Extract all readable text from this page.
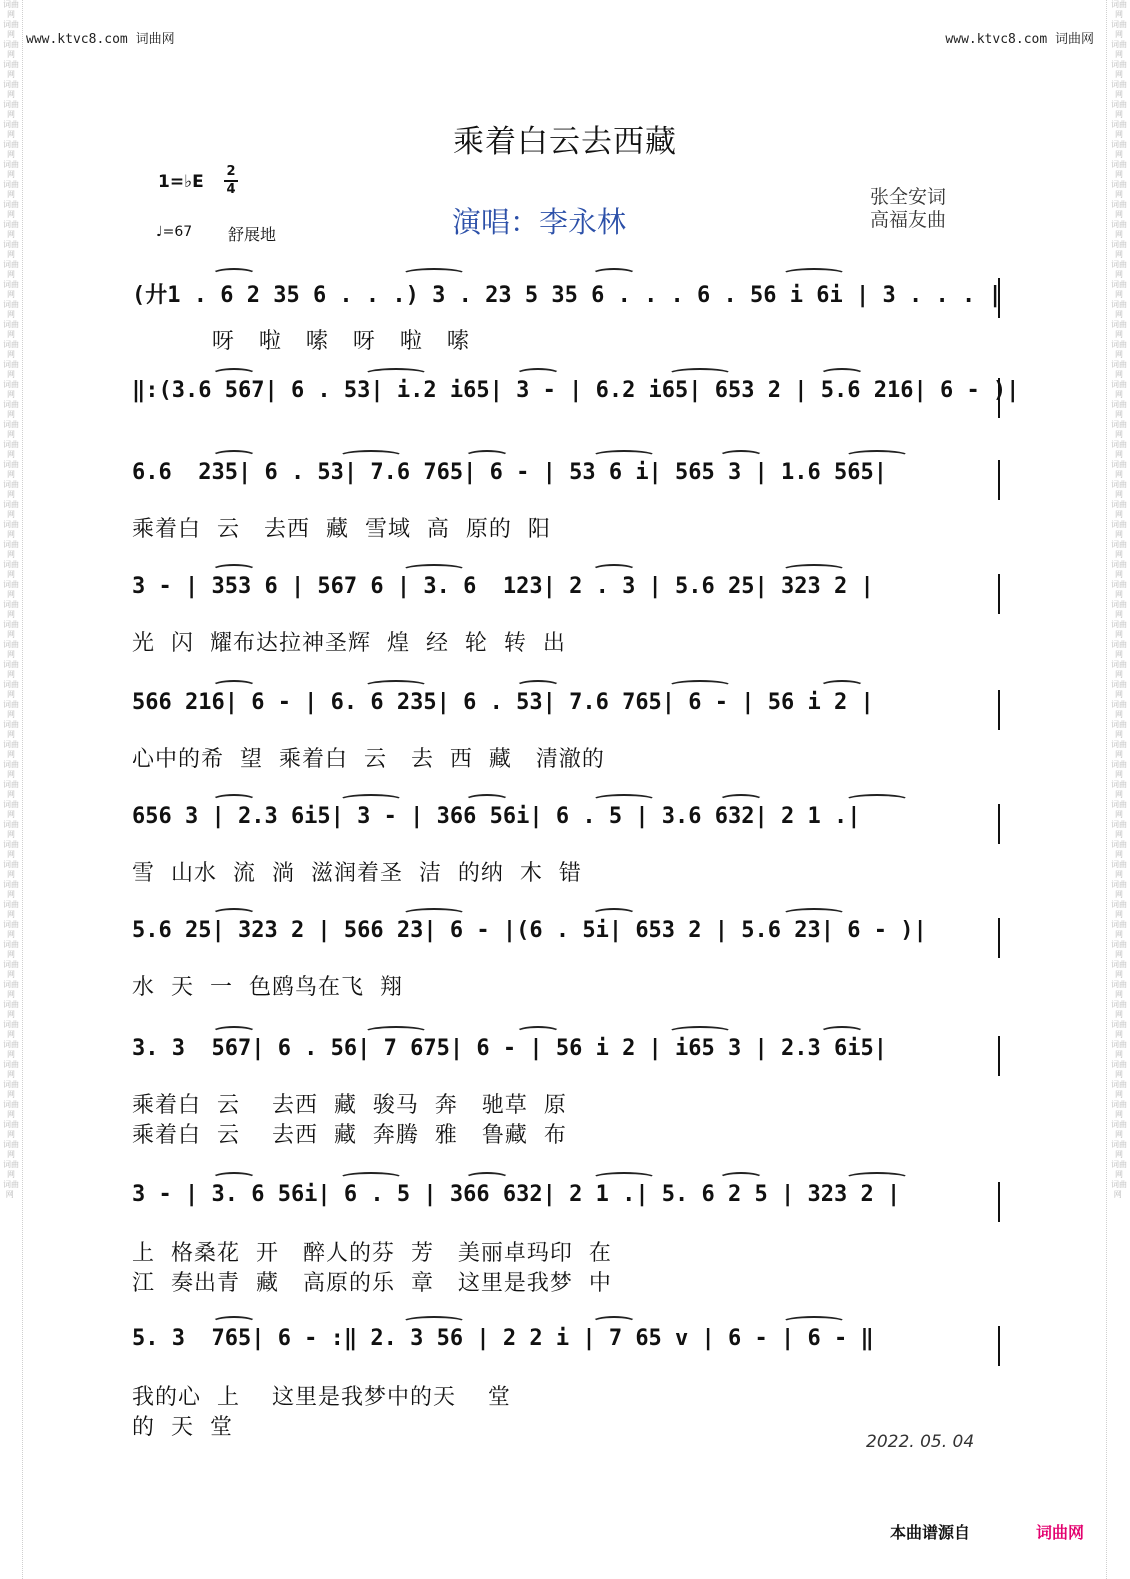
词曲网 词曲网 词曲网 词曲网 词曲网 词曲网 词曲网 词曲网 词曲网 词曲网 词曲网 词曲网 词曲网 词曲网 词曲网 词曲网 词曲网 词曲网 词曲网 词曲网 词曲网 词曲网 词曲网 词曲网 词曲网 词曲网 词曲网 词曲网 词曲网 词曲网 词曲网 词曲网 词曲网 词曲网 词曲网 词曲网 词曲网 词曲网 词曲网 词曲网 词曲网 词曲网 词曲网 词曲网 词曲网 词曲网 词曲网 词曲网 词曲网 词曲网 词曲网 词曲网 词曲网 词曲网 词曲网 词曲网 词曲网 词曲网 词曲网 词曲网
词曲网 词曲网 词曲网 词曲网 词曲网 词曲网 词曲网 词曲网 词曲网 词曲网 词曲网 词曲网 词曲网 词曲网 词曲网 词曲网 词曲网 词曲网 词曲网 词曲网 词曲网 词曲网 词曲网 词曲网 词曲网 词曲网 词曲网 词曲网 词曲网 词曲网 词曲网 词曲网 词曲网 词曲网 词曲网 词曲网 词曲网 词曲网 词曲网 词曲网 词曲网 词曲网 词曲网 词曲网 词曲网 词曲网 词曲网 词曲网 词曲网 词曲网 词曲网 词曲网 词曲网 词曲网 词曲网 词曲网 词曲网 词曲网 词曲网 词曲网
www.ktvc8.com 词曲网	www.ktvc8.com 词曲网
乘着白云去西藏
1=♭E
2
4
♩=67 舒展地	演唱：李永林
张全安词
高福友曲
(廾1 . 6 2 35 6 . . .) 3 . 23 5 35 6 . . . 6 . 56 i 6i | 3 . . . |
呀   啦   嗦   呀   啦   嗦
‖:(3.6 567| 6 . 53| i.2 i65| 3 - | 6.2 i65| 653 2 | 5.6 216| 6 - )|
6.6  235| 6 . 53| 7.6 765| 6 - | 53 6 i| 565 3 | 1.6 565|
乘着白  云   去西  藏  雪域  高  原的  阳
3 - | 353 6 | 567 6 | 3. 6  123| 2 . 3 | 5.6 25| 323 2 |
光  闪  耀布达拉神圣辉  煌  经  轮  转  出
566 216| 6 - | 6. 6 235| 6 . 53| 7.6 765| 6 - | 56 i 2 |
心中的希  望  乘着白  云   去  西  藏   清澈的
656 3 | 2.3 6i5| 3 - | 366 56i| 6 . 5 | 3.6 632| 2 1 .|
雪  山水  流  淌  滋润着圣  洁  的纳  木  错
5.6 25| 323 2 | 566 23| 6 - |(6 . 5i| 653 2 | 5.6 23| 6 - )|
水  天  一  色鸥鸟在飞  翔
3. 3  567| 6 . 56| 7 675| 6 - | 56 i 2 | i65 3 | 2.3 6i5|
乘着白  云    去西  藏  骏马  奔   驰草  原
乘着白  云    去西  藏  奔腾  雅   鲁藏  布
3 - | 3. 6 56i| 6 . 5 | 366 632| 2 1 .| 5. 6 2 5 | 323 2 |
上  格桑花  开   醉人的芬  芳   美丽卓玛印  在
江  奏出青  藏   高原的乐  章   这里是我梦  中
5. 3  765| 6 - :‖ 2. 3 56 | 2 2 i | 7 65 v | 6 - | 6 - ‖
我的心  上    这里是我梦中的天    堂
的  天  堂
2022. 05. 04
本曲谱源自	词曲网
